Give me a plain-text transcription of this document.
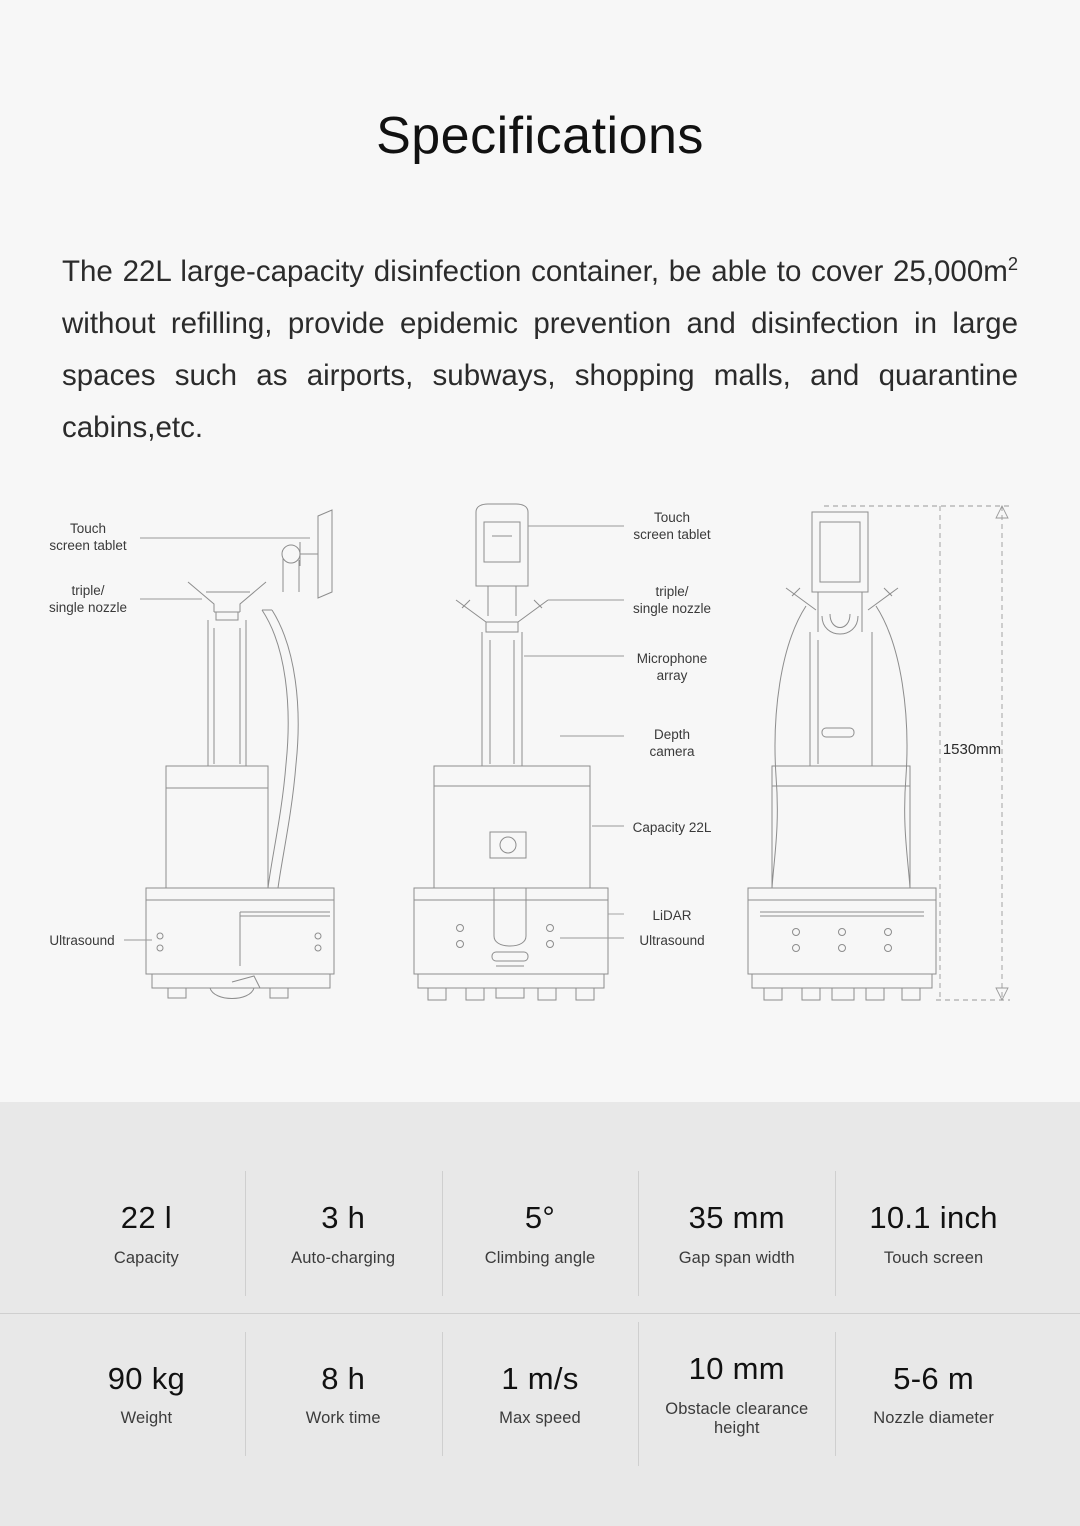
Specifications

The 22L large-capacity disinfection container, be able to cover $25,000m^2$ without refilling, provide epidemic prevention and disinfection in large spaces such as airports, subways, shopping malls, and quarantine cabins,etc.

Touch
screen tablet
triple/
single nozzle
Ultrasound
Touch
screen tablet
triple/
single nozzle
Microphone
array
Depth
camera
Capacity 22L
LiDAR
Ultrasound
1530mm
22 l
Capacity
3 h
Auto-charging
5°
Climbing angle
35 mm
Gap span width
10.1 inch
Touch screen
90 kg
Weight
8 h
Work time
1 m/s
Max speed
10 mm
Obstacle clearance height
5-6 m
Nozzle diameter
